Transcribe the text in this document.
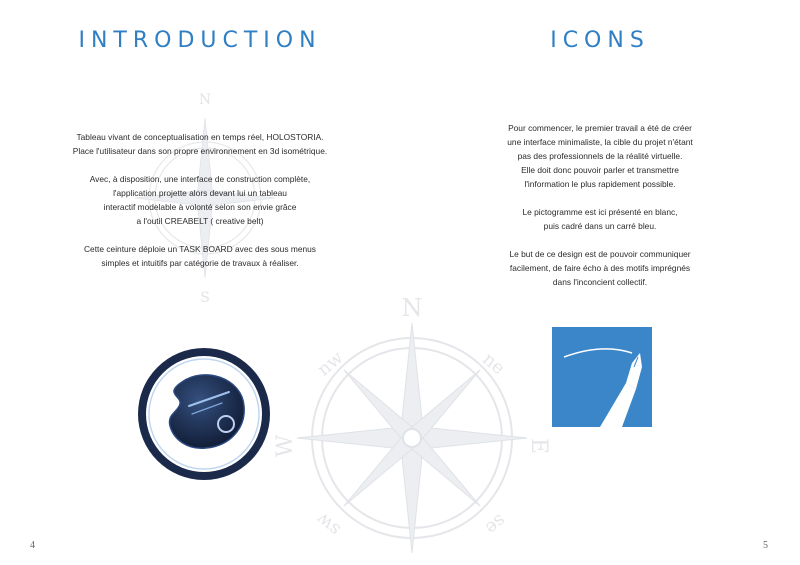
INTRODUCTION
N
S

Tableau vivant de conceptualisation en temps réel, HOLOSTORIA.
Place l'utilisateur dans son propre environnement en 3d isométrique.

Avec, à disposition, une interface de construction complète,
l'application projette alors devant lui un tableau
interactif modelable à volonté selon son envie grâce
a l'outil CREABELT ( creative belt)

Cette ceinture déploie un TASK BOARD avec des sous menus
simples et intuitifs par catégorie de travaux à réaliser.

4
N
nw	ne
E
W
se
sw
ICONS

Pour commencer, le premier travail a été de créer
une interface minimaliste, la cible du projet n'étant
pas des professionnels de la réalité virtuelle.
Elle doit donc pouvoir parler et transmettre
l'information le plus rapidement possible.

Le pictogramme est ici présenté en blanc,
puis cadré dans un carré bleu.

Le but de ce design est de pouvoir communiquer
facilement, de faire écho à des motifs imprégnés
dans l'inconcient collectif.

5
